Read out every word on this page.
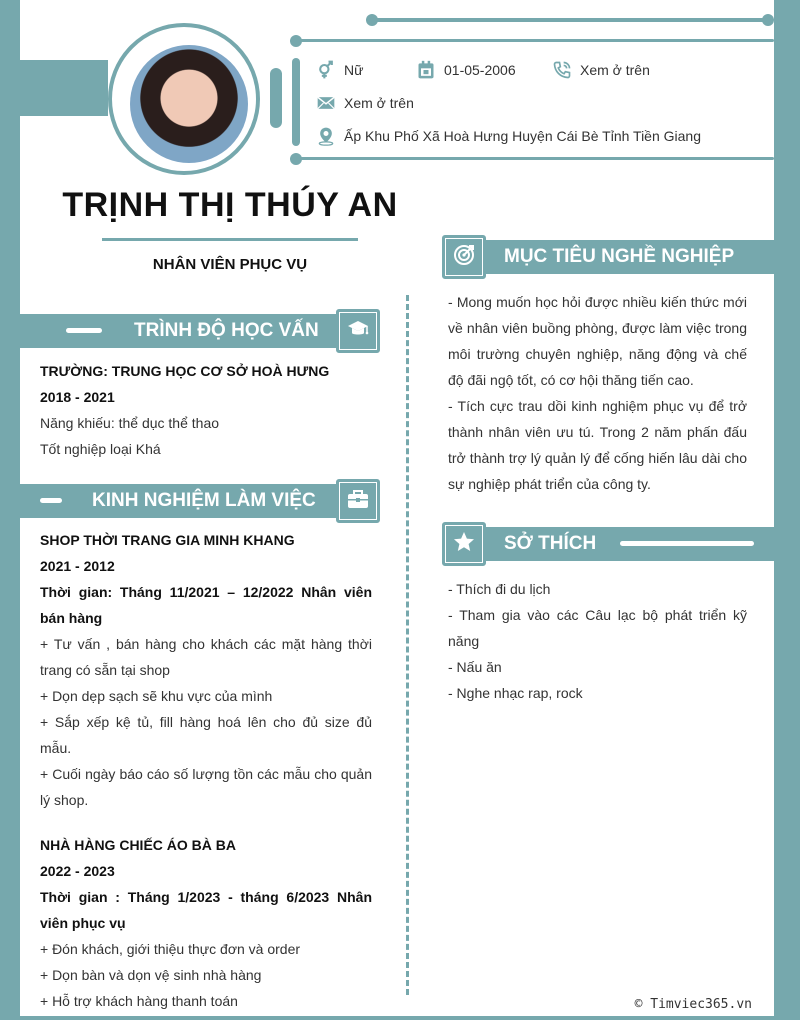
Nữ	01-05-2006	Xem ở trên
Xem ở trên
Ấp Khu Phố Xã Hoà Hưng Huyện Cái Bè Tỉnh Tiền Giang
TRỊNH THỊ THÚY AN
NHÂN VIÊN PHỤC VỤ
TRÌNH ĐỘ HỌC VẤN

TRƯỜNG: TRUNG HỌC CƠ SỞ HOÀ HƯNG

2018 - 2021

Năng khiếu: thể dục thể thao

Tốt nghiệp loại Khá

KINH NGHIỆM LÀM VIỆC

SHOP THỜI TRANG GIA MINH KHANG

2021 - 2012

Thời gian: Tháng 11/2021 – 12/2022 Nhân viên bán hàng

+ Tư vấn , bán hàng cho khách các mặt hàng thời trang có sẵn tại shop

+ Dọn dẹp sạch sẽ khu vực của mình

+ Sắp xếp kệ tủ, fill hàng hoá lên cho đủ size đủ mẫu.

+ Cuối ngày báo cáo số lượng tồn các mẫu cho quản lý shop.

NHÀ HÀNG CHIẾC ÁO BÀ BA

2022 - 2023

Thời gian : Tháng 1/2023 - tháng 6/2023 Nhân viên phục vụ

+ Đón khách, giới thiệu thực đơn và order

+ Dọn bàn và dọn vệ sinh nhà hàng

+ Hỗ trợ khách hàng thanh toán

MỤC TIÊU NGHỀ NGHIỆP

- Mong muốn học hỏi được nhiều kiến thức mới về nhân viên buồng phòng, được làm việc trong môi trường chuyên nghiệp, năng động và chế độ đãi ngộ tốt, có cơ hội thăng tiến cao.

- Tích cực trau dồi kinh nghiệm phục vụ để trở thành nhân viên ưu tú. Trong 2 năm phấn đấu trở thành trợ lý quản lý để cống hiến lâu dài cho sự nghiệp phát triển của công ty.

SỞ THÍCH

- Thích đi du lịch

- Tham gia vào các Câu lạc bộ phát triển kỹ năng

- Nấu ăn

- Nghe nhạc rap, rock

© Timviec365.vn
